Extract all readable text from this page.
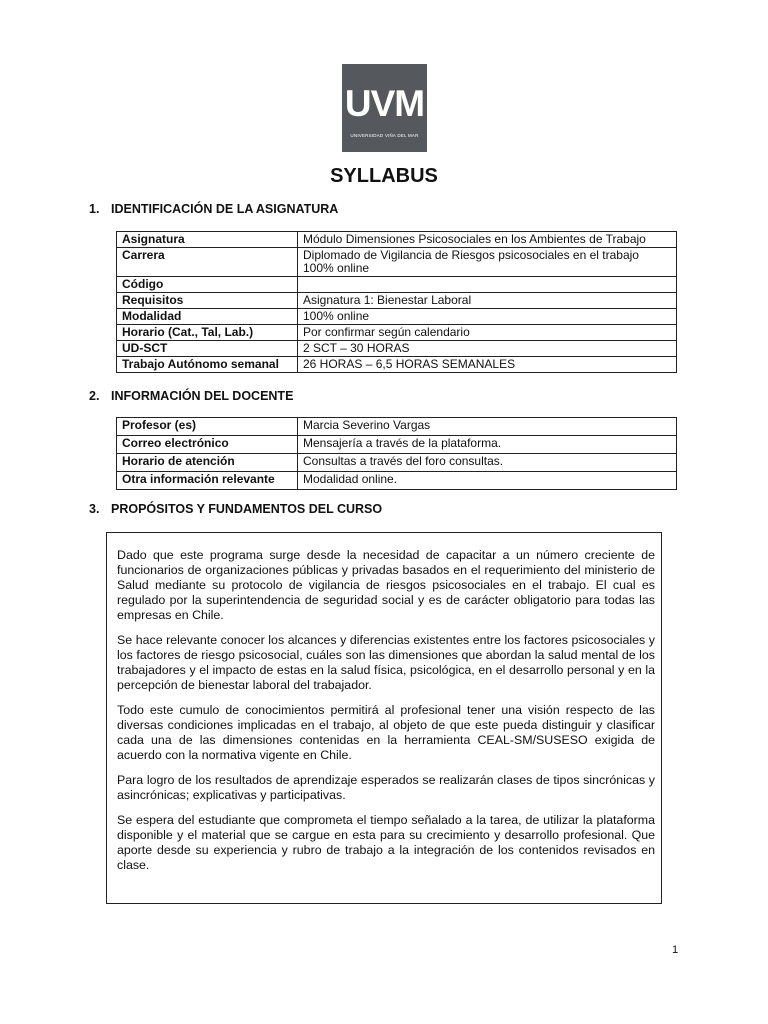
UVM
UNIVERSIDAD VIÑA DEL MAR
SYLLABUS
1. IDENTIFICACIÓN DE LA ASIGNATURA
Asignatura	Módulo Dimensiones Psicosociales en los Ambientes de Trabajo
Carrera	Diplomado de Vigilancia de Riesgos psicosociales en el trabajo
100% online

Código	
Requisitos	Asignatura 1: Bienestar Laboral
Modalidad	100% online
Horario (Cat., Tal, Lab.)	Por confirmar según calendario
UD-SCT	2 SCT – 30 HORAS
Trabajo Autónomo semanal	26 HORAS – 6,5 HORAS SEMANALES
2. INFORMACIÓN DEL DOCENTE
Profesor (es)	Marcia Severino Vargas
Correo electrónico	Mensajería a través de la plataforma.
Horario de atención	Consultas a través del foro consultas.
Otra información relevante	Modalidad online.
3. PROPÓSITOS Y FUNDAMENTOS DEL CURSO

Dado que este programa surge desde la necesidad de capacitar a un número creciente de funcionarios de organizaciones públicas y privadas basados en el requerimiento del ministerio de Salud mediante su protocolo de vigilancia de riesgos psicosociales en el trabajo. El cual es regulado por la superintendencia de seguridad social y es de carácter obligatorio para todas las empresas en Chile.

Se hace relevante conocer los alcances y diferencias existentes entre los factores psicosociales y los factores de riesgo psicosocial, cuáles son las dimensiones que abordan la salud mental de los trabajadores y el impacto de estas en la salud física, psicológica, en el desarrollo personal y en la percepción de bienestar laboral del trabajador.

Todo este cumulo de conocimientos permitirá al profesional tener una visión respecto de las diversas condiciones implicadas en el trabajo, al objeto de que este pueda distinguir y clasificar cada una de las dimensiones contenidas en la herramienta CEAL-SM/SUSESO exigida de acuerdo con la normativa vigente en Chile.

Para logro de los resultados de aprendizaje esperados se realizarán clases de tipos sincrónicas y asincrónicas; explicativas y participativas.

Se espera del estudiante que comprometa el tiempo señalado a la tarea, de utilizar la plataforma disponible y el material que se cargue en esta para su crecimiento y desarrollo profesional. Que aporte desde su experiencia y rubro de trabajo a la integración de los contenidos revisados en clase.

1
